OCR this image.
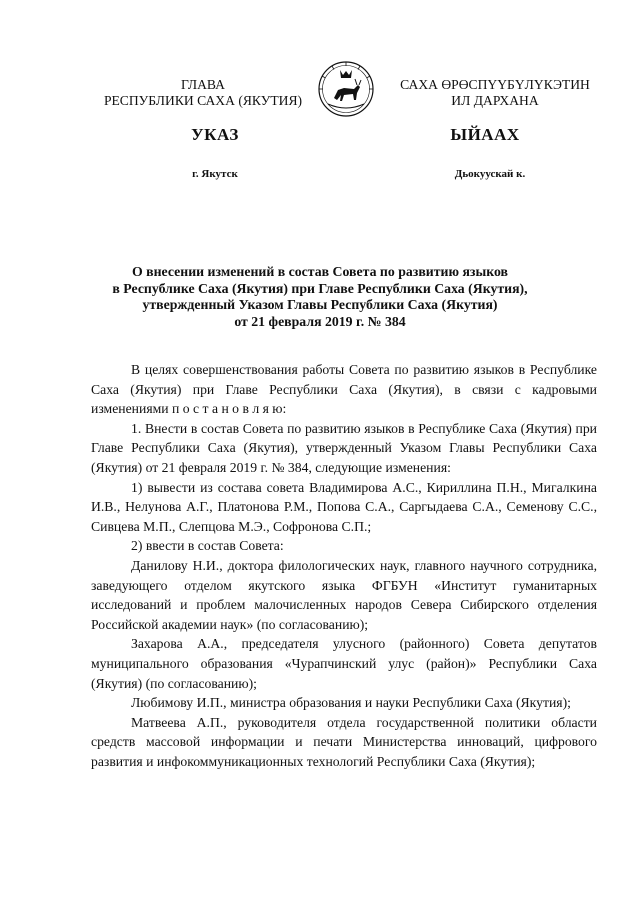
ГЛАВА
РЕСПУБЛИКИ САХА (ЯКУТИЯ)
САХА ӨРӨСПҮҮБҮЛҮКЭТИН
ИЛ ДАРХАНА
УКАЗ	ЫЙААХ
г. Якутск	Дьокуускай к.
О внесении изменений в состав Совета по развитию языков
в Республике Саха (Якутия) при Главе Республики Саха (Якутия),
утвержденный Указом Главы Республики Саха (Якутия)
от 21 февраля 2019 г. № 384

В целях совершенствования работы Совета по развитию языков в Республике Саха (Якутия) при Главе Республики Саха (Якутия), в связи с кадровыми изменениями п о с т а н о в л я ю:

1. Внести в состав Совета по развитию языков в Республике Саха (Якутия) при Главе Республики Саха (Якутия), утвержденный Указом Главы Республики Саха (Якутия) от 21 февраля 2019 г. № 384, следующие изменения:

1) вывести из состава совета Владимирова А.С., Кириллина П.Н., Мигалкина И.В., Нелунова А.Г., Платонова Р.М., Попова С.А., Саргыдаева С.А., Семенову С.С., Сивцева М.П., Слепцова М.Э., Софронова С.П.;

2) ввести в состав Совета:

Данилову Н.И., доктора филологических наук, главного научного сотрудника, заведующего отделом якутского языка ФГБУН «Институт гуманитарных исследований и проблем малочисленных народов Севера Сибирского отделения Российской академии наук» (по согласованию);

Захарова А.А., председателя улусного (районного) Совета депутатов муниципального образования «Чурапчинский улус (район)» Республики Саха (Якутия) (по согласованию);

Любимову И.П., министра образования и науки Республики Саха (Якутия);

Матвеева А.П., руководителя отдела государственной политики области средств массовой информации и печати Министерства инноваций, цифрового развития и инфокоммуникационных технологий Республики Саха (Якутия);
